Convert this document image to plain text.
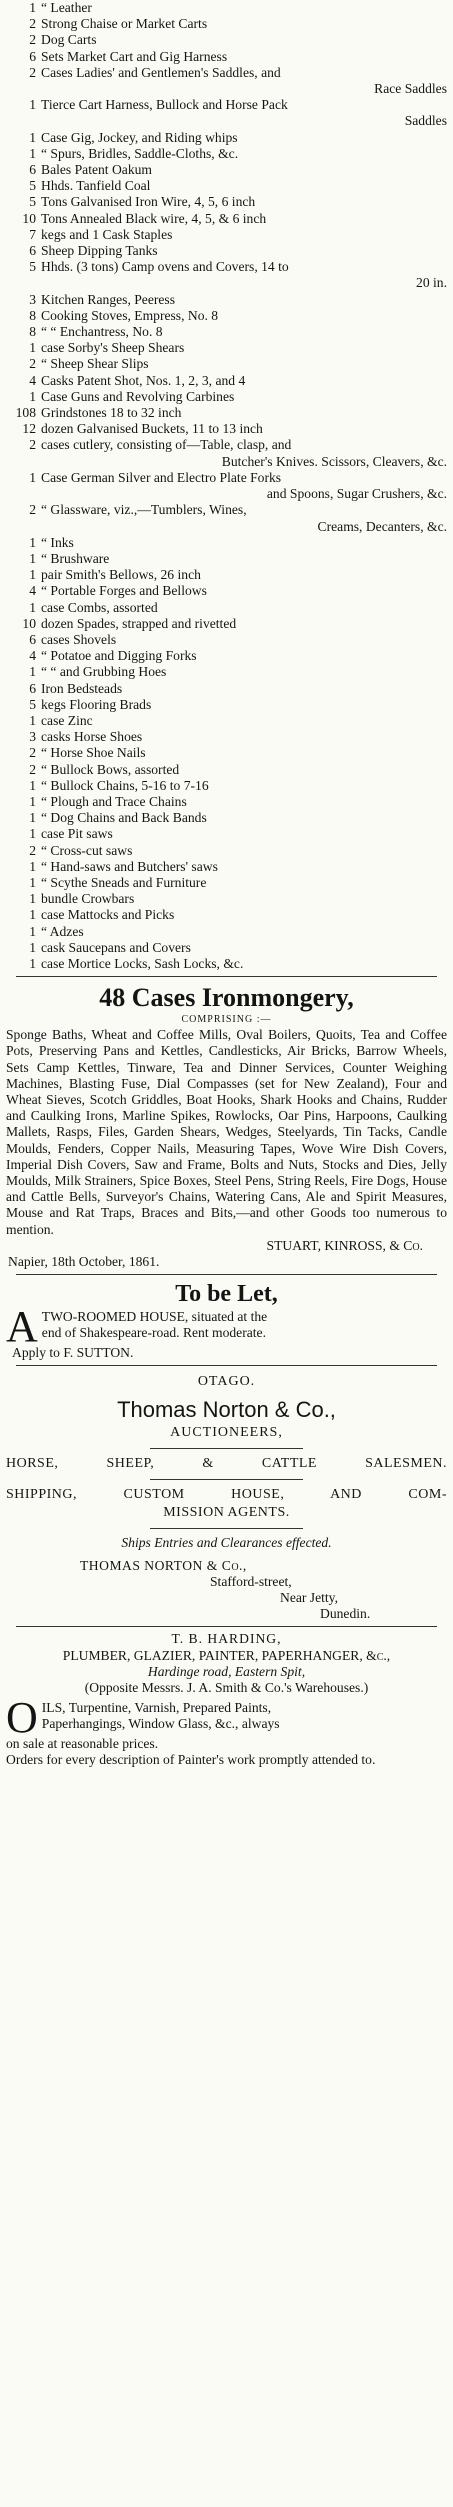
1 “ Leather
2 Strong Chaise or Market Carts
2 Dog Carts
6 Sets Market Cart and Gig Harness
2 Cases Ladies' and Gentlemen's Saddles, and
Race Saddles
1 Tierce Cart Harness, Bullock and Horse Pack
Saddles
1 Case Gig, Jockey, and Riding whips
1 “ Spurs, Bridles, Saddle-Cloths, &c.
6 Bales Patent Oakum
5 Hhds. Tanfield Coal
5 Tons Galvanised Iron Wire, 4, 5, 6 inch
10 Tons Annealed Black wire, 4, 5, & 6 inch
7 kegs and 1 Cask Staples
6 Sheep Dipping Tanks
5 Hhds. (3 tons) Camp ovens and Covers, 14 to
20 in.
3 Kitchen Ranges, Peeress
8 Cooking Stoves, Empress, No. 8
8 “ “ Enchantress, No. 8
1 case Sorby's Sheep Shears
2 “ Sheep Shear Slips
4 Casks Patent Shot, Nos. 1, 2, 3, and 4
1 Case Guns and Revolving Carbines
108 Grindstones 18 to 32 inch
12 dozen Galvanised Buckets, 11 to 13 inch
2 cases cutlery, consisting of—Table, clasp, and
Butcher's Knives. Scissors, Cleavers, &c.
1 Case German Silver and Electro Plate Forks
and Spoons, Sugar Crushers, &c.
2 “ Glassware, viz.,—Tumblers, Wines,
Creams, Decanters, &c.
1 “ Inks
1 “ Brushware
1 pair Smith's Bellows, 26 inch
4 “ Portable Forges and Bellows
1 case Combs, assorted
10 dozen Spades, strapped and rivetted
6 cases Shovels
4 “ Potatoe and Digging Forks
1 “ “ and Grubbing Hoes
6 Iron Bedsteads
5 kegs Flooring Brads
1 case Zinc
3 casks Horse Shoes
2 “ Horse Shoe Nails
2 “ Bullock Bows, assorted
1 “ Bullock Chains, 5-16 to 7-16
1 “ Plough and Trace Chains
1 “ Dog Chains and Back Bands
1 case Pit saws
2 “ Cross-cut saws
1 “ Hand-saws and Butchers' saws
1 “ Scythe Sneads and Furniture
1 bundle Crowbars
1 case Mattocks and Picks
1 “ Adzes
1 cask Saucepans and Covers
1 case Mortice Locks, Sash Locks, &c.
48 Cases Ironmongery,
COMPRISING :—
Sponge Baths, Wheat and Coffee Mills, Oval Boilers, Quoits, Tea and Coffee Pots, Preserving Pans and Kettles, Candlesticks, Air Bricks, Barrow Wheels, Sets Camp Kettles, Tinware, Tea and Dinner Services, Counter Weighing Machines, Blasting Fuse, Dial Compasses (set for New Zealand), Four and Wheat Sieves, Scotch Griddles, Boat Hooks, Shark Hooks and Chains, Rudder and Caulking Irons, Marline Spikes, Rowlocks, Oar Pins, Harpoons, Caulking Mallets, Rasps, Files, Garden Shears, Wedges, Steelyards, Tin Tacks, Candle Moulds, Fenders, Copper Nails, Measuring Tapes, Wove Wire Dish Covers, Imperial Dish Covers, Saw and Frame, Bolts and Nuts, Stocks and Dies, Jelly Moulds, Milk Strainers, Spice Boxes, Steel Pens, String Reels, Fire Dogs, House and Cattle Bells, Surveyor's Chains, Watering Cans, Ale and Spirit Measures, Mouse and Rat Traps, Braces and Bits,—and other Goods too numerous to mention.
STUART, KINROSS, & Co.
Napier, 18th October, 1861.
To be Let,
A TWO-ROOMED HOUSE, situated at the
end of Shakespeare-road. Rent moderate.
Apply to F. SUTTON.
OTAGO.
Thomas Norton & Co.,
AUCTIONEERS,
HORSE, SHEEP, & CATTLE SALESMEN.
SHIPPING, CUSTOM HOUSE, AND COM-
MISSION AGENTS.
Ships Entries and Clearances effected.
THOMAS NORTON & Co.,
Stafford-street,
Near Jetty,
Dunedin.
T. B. HARDING,
PLUMBER, GLAZIER, PAINTER, PAPERHANGER, &c.,
Hardinge road, Eastern Spit,
(Opposite Messrs. J. A. Smith & Co.'s Warehouses.)
O ILS, Turpentine, Varnish, Prepared Paints,
Paperhangings, Window Glass, &c., always
on sale at reasonable prices.
Orders for every description of Painter's work promptly attended to.
